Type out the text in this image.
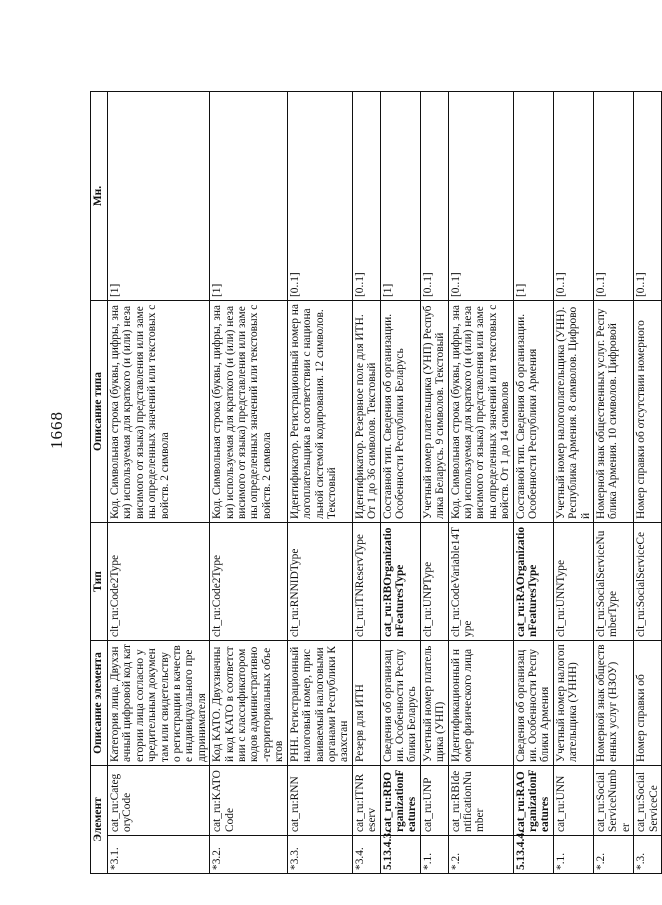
1668
Элемент		Описание элемента	Тип	Описание типа	Мн.
*3.1.	cat_ru:CategoryCode	Категория лица. Двухзначный цифровой код категории лица согласно учредительным документам или свидетельству о регистрации в качестве индивидуального предпринимателя	clt_ru:Code2Type	Код. Символьная строка (буквы, цифры, знаки) используемая для краткого (и (или) независимого от языка) представления или замены определенных значений или текстовых свойств. 2 символа	[1]
*3.2.	cat_ru:KATOCode	Код КАТО. Двухзначный код КАТО в соответствии с классификатором кодов административно-территориальных объектов	clt_ru:Code2Type	Код. Символьная строка (буквы, цифры, знаки) используемая для краткого (и (или) независимого от языка) представления или замены определенных значений или текстовых свойств. 2 символа	[1]
*3.3.	cat_ru:RNN	РНН. Регистрационный налоговый номер, присваиваемый налоговыми органами Республики Казахстан	clt_ru:RNNIDType	Идентификатор. Регистрационный номер налогоплательщика в соответствии с национальной системой кодирования. 12 символов. Текстовый	[0..1]
*3.4.	cat_ru:ITNReserv	Резерв для ИТН	clt_ru:ITNReservType	Идентификатор. Резервное поле для ИТН. От 1 до 36 символов. Текстовый	[0..1]
5.13.4.3.	cat_ru:RBOrganizationFeatures	Сведения об организации. Особенности Республики Беларусь	cat_ru:RBOrganizationFeaturesType	Составной тип. Сведения об организации. Особенности Республики Беларусь	[1]
*.1.	cat_ru:UNP	Учетный номер плательщика (УНП)	clt_ru:UNPType	Учетный номер плательщика (УНП) Республика Беларусь. 9 символов. Текстовый	[0..1]
*.2.	cat_ru:RBIdentificationNumber	Идентификационный номер физического лица	clt_ru:CodeVariable14Type	Код. Символьная строка (буквы, цифры, знаки) используемая для краткого (и (или) независимого от языка) представления или замены определенных значений или текстовых свойств. От 1 до 14 символов	[0..1]
5.13.4.4.	cat_ru:RAOrganizationFeatures	Сведения об организации. Особенности Республики Армения	cat_ru:RAOrganizationFeaturesType	Составной тип. Сведения об организации. Особенности Республики Армения	[1]
*.1.	cat_ru:UNN	Учетный номер налогоплательщика (УННН)	clt_ru:UNNType	Учетный номер налогоплательщика (УНН). Республика Армения. 8 символов. Цифровой	[0..1]
*.2.	cat_ru:SocialServiceNumber	Номерной знак общественных услуг (НЗОУ)	clt_ru:SocialServiceNumberType	Номерной знак общественных услуг. Республика Армения. 10 символов. Цифровой	[0..1]
*.3.	cat_ru:SocialServiceCe	Номер справки об	clt_ru:SocialServiceCe	Номер справки об отсутствии номерного	[0..1]
